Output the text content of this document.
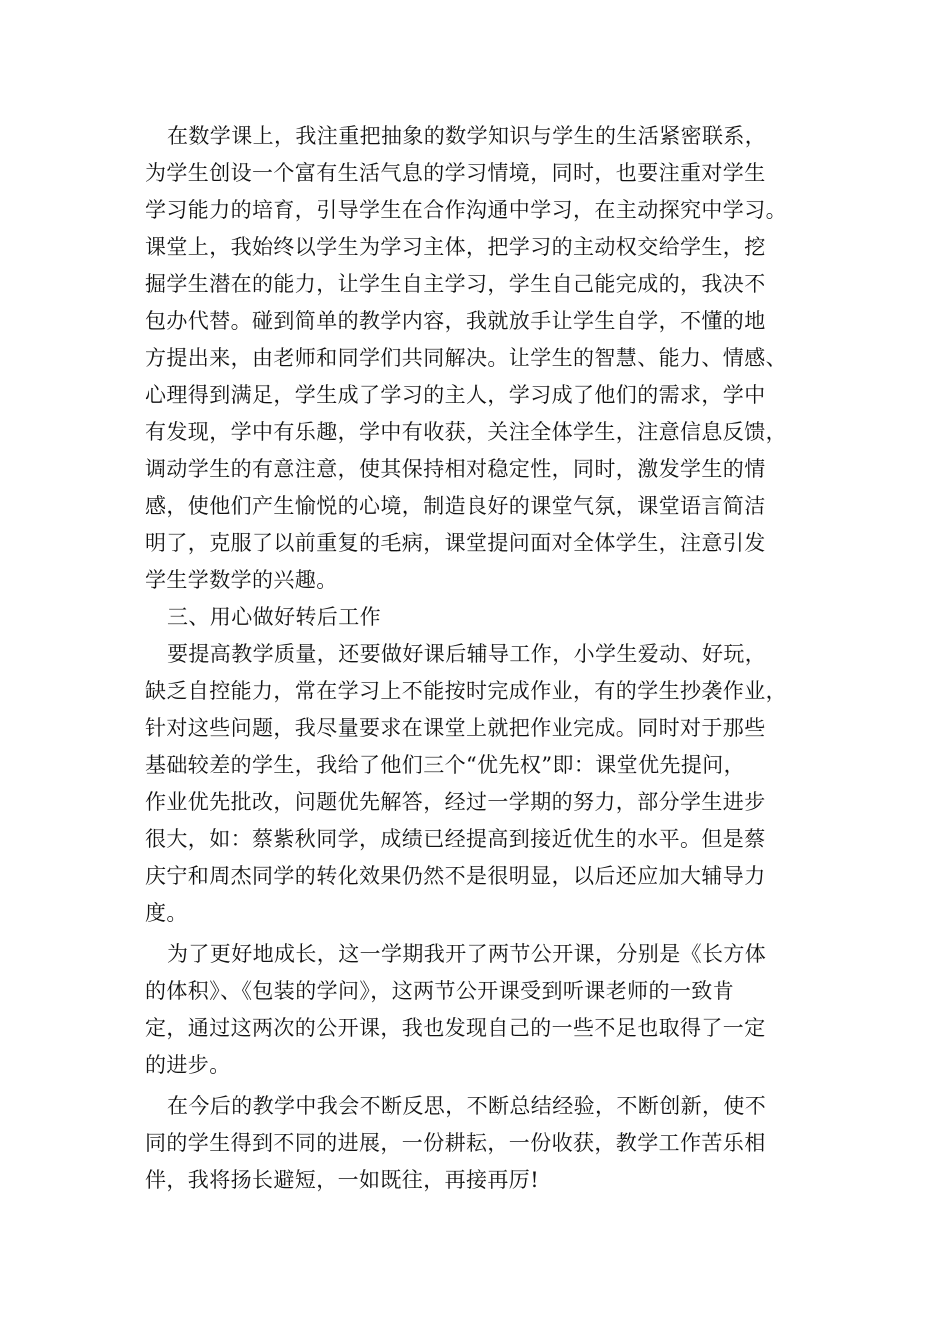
在数学课上，我注重把抽象的数学知识与学生的生活紧密联系，
为学生创设一个富有生活气息的学习情境，同时，也要注重对学生
学习能力的培育，引导学生在合作沟通中学习，在主动探究中学习。
课堂上，我始终以学生为学习主体，把学习的主动权交给学生，挖
掘学生潜在的能力，让学生自主学习，学生自己能完成的，我决不
包办代替。碰到简单的教学内容，我就放手让学生自学，不懂的地
方提出来，由老师和同学们共同解决。让学生的智慧、能力、情感、
心理得到满足，学生成了学习的主人，学习成了他们的需求，学中
有发现，学中有乐趣，学中有收获，关注全体学生，注意信息反馈，
调动学生的有意注意，使其保持相对稳定性，同时，激发学生的情
感，使他们产生愉悦的心境，制造良好的课堂气氛，课堂语言简洁
明了，克服了以前重复的毛病，课堂提问面对全体学生，注意引发
学生学数学的兴趣。
三、用心做好转后工作
要提高教学质量，还要做好课后辅导工作，小学生爱动、好玩，
缺乏自控能力，常在学习上不能按时完成作业，有的学生抄袭作业，
针对这些问题，我尽量要求在课堂上就把作业完成。同时对于那些
基础较差的学生，我给了他们三个“优先权”即：课堂优先提问，
作业优先批改，问题优先解答，经过一学期的努力，部分学生进步
很大，如：蔡紫秋同学，成绩已经提高到接近优生的水平。但是蔡
庆宁和周杰同学的转化效果仍然不是很明显，以后还应加大辅导力
度。
为了更好地成长，这一学期我开了两节公开课，分别是《长方体
的体积》、《包装的学问》，这两节公开课受到听课老师的一致肯
定，通过这两次的公开课，我也发现自己的一些不足也取得了一定
的进步。
在今后的教学中我会不断反思，不断总结经验，不断创新，使不
同的学生得到不同的进展，一份耕耘，一份收获，教学工作苦乐相
伴，我将扬长避短，一如既往，再接再厉!
